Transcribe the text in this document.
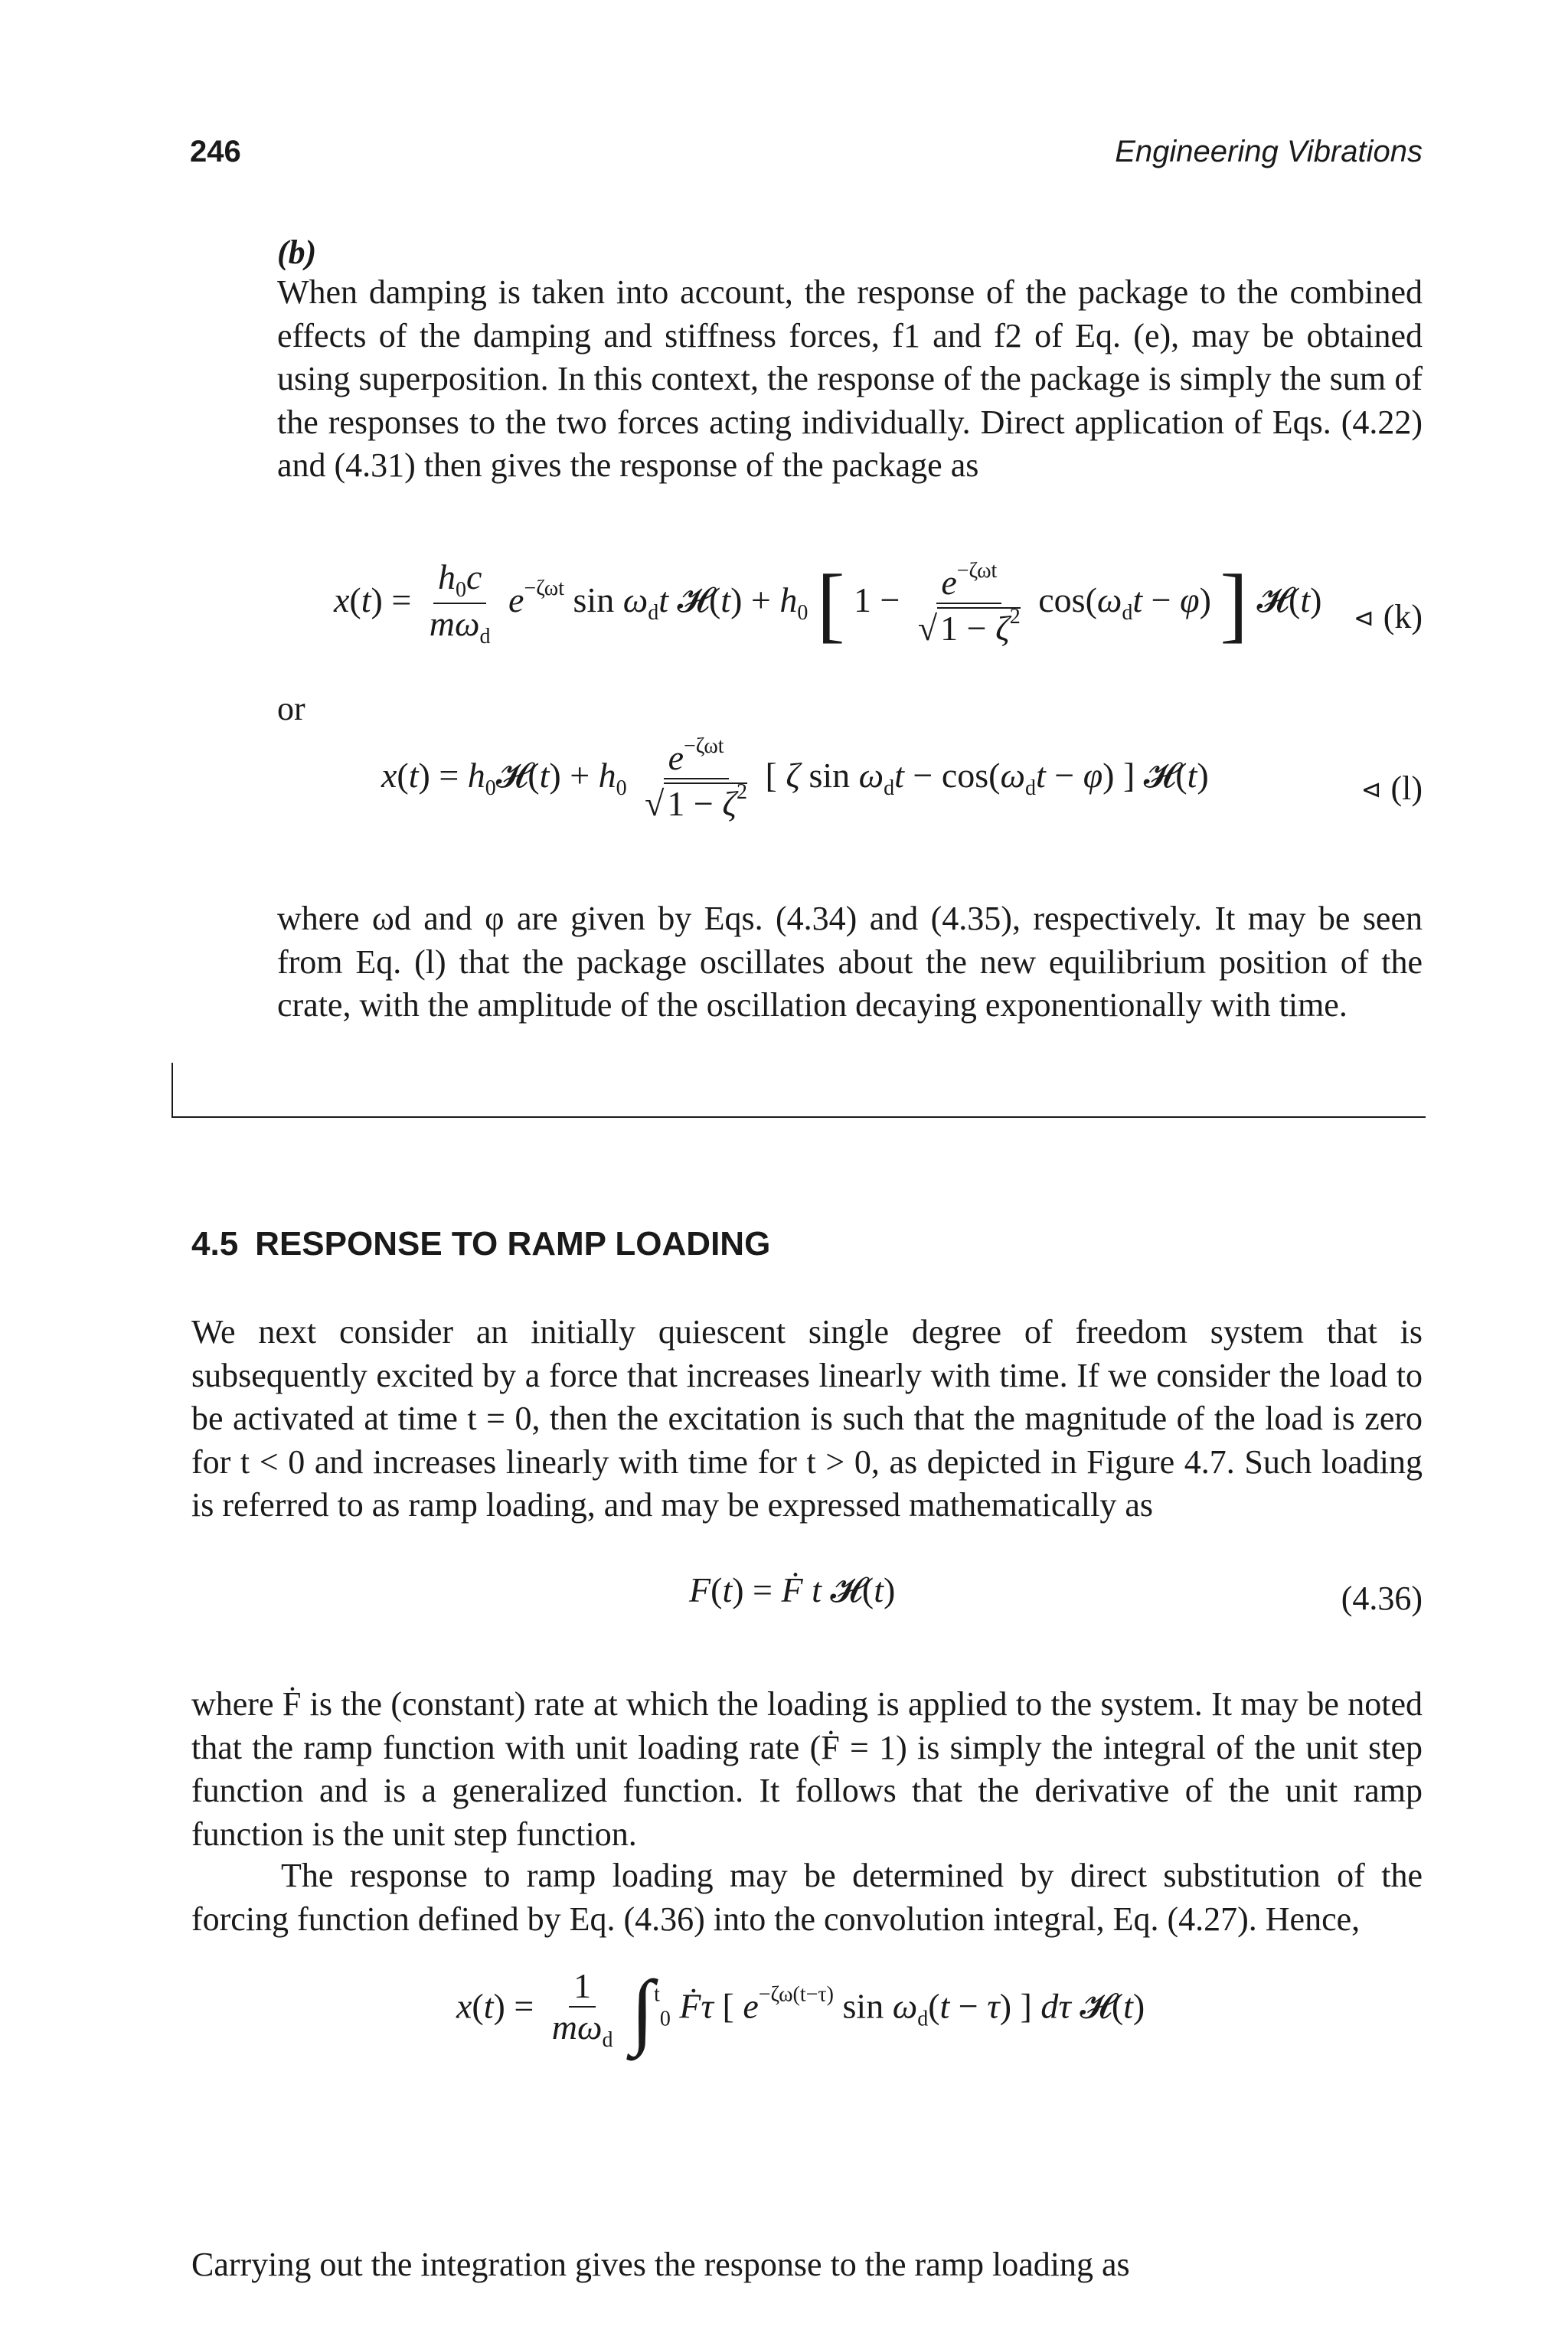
246	Engineering Vibrations
(b)

When damping is taken into account, the response of the package to the combined effects of the damping and stiffness forces, f1 and f2 of Eq. (e), may be obtained using superposition. In this context, the response of the package is simply the sum of the responses to the two forces acting individually. Direct application of Eqs. (4.22) and (4.31) then gives the response of the package as

$x(t) = \frac{h_0c}{m\omega_d} e^{-\zeta\omega t}$ $\sin \omega_dt$ 𝓗(t) + $h_0$ [ $1 - \frac{e^{-\zeta\omega t}}{√1 - \zeta^2} \cos(\omega_dt - \varphi)$ ] 𝓗(t) ⊲ (k)
or
$x(t) = h_0𝓗(t) + h_0 \frac{e^{-\zeta\omega t}}{√1 - \zeta^2}$ [ ζ $\sin \omega_dt - \cos(\omega_dt - \varphi)$ ] 𝓗(t)	⊲ (l)

where ωd and φ are given by Eqs. (4.34) and (4.35), respectively. It may be seen from Eq. (l) that the package oscillates about the new equilibrium position of the crate, with the amplitude of the oscillation decaying exponentionally with time.

4.5 RESPONSE TO RAMP LOADING

We next consider an initially quiescent single degree of freedom system that is subsequently excited by a force that increases linearly with time. If we consider the load to be activated at time t = 0, then the excitation is such that the magnitude of the load is zero for t < 0 and increases linearly with time for t > 0, as depicted in Figure 4.7. Such loading is referred to as ramp loading, and may be expressed mathematically as

F(t) = Ḟ t 𝓗(t)	(4.36)

where Ḟ is the (constant) rate at which the loading is applied to the system. It may be noted that the ramp function with unit loading rate (Ḟ = 1) is simply the integral of the unit step function and is a generalized function. It follows that the derivative of the unit ramp function is the unit step function.

The response to ramp loading may be determined by direct substitution of the forcing function defined by Eq. (4.36) into the convolution integral, Eq. (4.27). Hence,

$x(t) = \frac{1}{m\omega_d} \int^t_0$ Ḟτ [ $e^{-\zeta\omega(t-\tau)}$ $\sin \omega_d(t - \tau)$ ] dτ 𝓗(t)

Carrying out the integration gives the response to the ramp loading as
